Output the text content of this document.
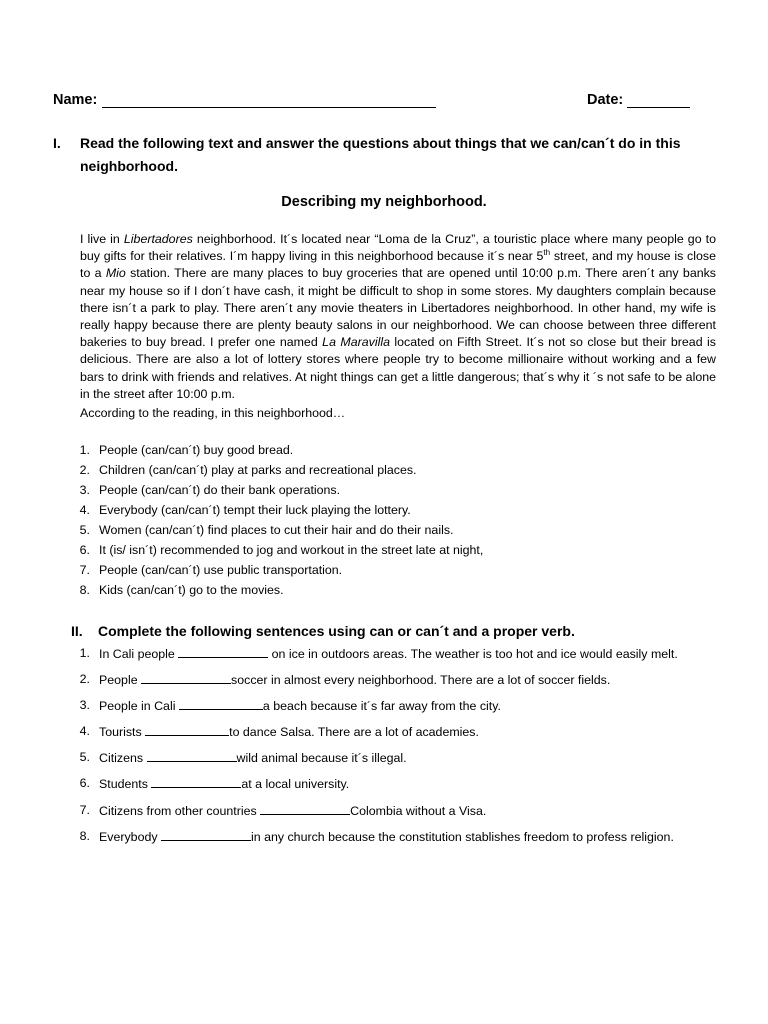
Name:	Date:
I. Read the following text and answer the questions about things that we can/can´t do in this neighborhood.
Describing my neighborhood.

I live in Libertadores neighborhood. It´s located near “Loma de la Cruz”, a touristic place where many people go to buy gifts for their relatives. I´m happy living in this neighborhood because it´s near 5th street, and my house is close to a Mio station. There are many places to buy groceries that are opened until 10:00 p.m. There aren´t any banks near my house so if I don´t have cash, it might be difficult to shop in some stores. My daughters complain because there isn´t a park to play. There aren´t any movie theaters in Libertadores neighborhood. In other hand, my wife is really happy because there are plenty beauty salons in our neighborhood. We can choose between three different bakeries to buy bread. I prefer one named La Maravilla located on Fifth Street. It´s not so close but their bread is delicious. There are also a lot of lottery stores where people try to become millionaire without working and a few bars to drink with friends and relatives. At night things can get a little dangerous; that´s why it ´s not safe to be alone in the street after 10:00 p.m.

According to the reading, in this neighborhood…
1. People (can/can´t) buy good bread.
2. Children (can/can´t) play at parks and recreational places.
3. People (can/can´t) do their bank operations.
4. Everybody (can/can´t) tempt their luck playing the lottery.
5. Women (can/can´t) find places to cut their hair and do their nails.
6. It (is/ isn´t) recommended to jog and workout in the street late at night,
7. People (can/can´t) use public transportation.
8. Kids (can/can´t) go to the movies.
II. Complete the following sentences using can or can´t and a proper verb.
1. In Cali people	on ice in outdoors areas. The weather is too hot and ice would easily melt.
2. People	soccer in almost every neighborhood. There are a lot of soccer fields.
3. People in Cali	a beach because it´s far away from the city.
4. Tourists	to dance Salsa. There are a lot of academies.
5. Citizens	wild animal because it´s illegal.
6. Students	at a local university.
7. Citizens from other countries	Colombia without a Visa.
8. Everybody	in any church because the constitution stablishes freedom to profess religion.
